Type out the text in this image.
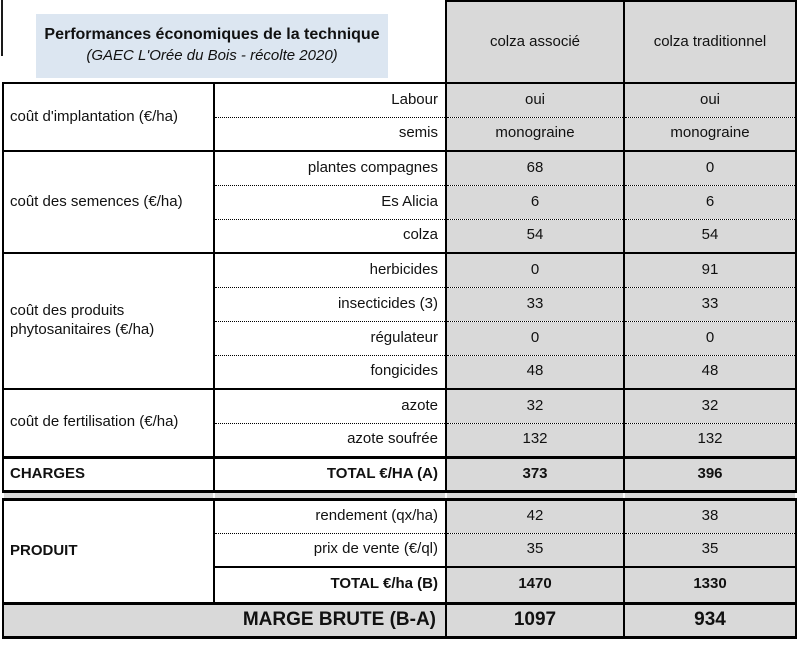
Performances économiques de la technique
(GAEC L'Orée du Bois - récolte 2020)		colza associé	colza traditionnel
coût d'implantation (€/ha)	Labour	oui	oui
	semis	monograine	monograine
coût des semences (€/ha)	plantes compagnes	68	0
	Es Alicia	6	6
	colza	54	54
coût des produits phytosanitaires (€/ha)	herbicides	0	91
	insecticides (3)	33	33
	régulateur	0	0
	fongicides	48	48
coût de fertilisation (€/ha)	azote	32	32
	azote soufrée	132	132
CHARGES	TOTAL €/HA (A)	373	396

PRODUIT	rendement (qx/ha)	42	38
	prix de vente (€/ql)	35	35
	TOTAL €/ha (B)	1470	1330
MARGE BRUTE (B-A)		1097	934
